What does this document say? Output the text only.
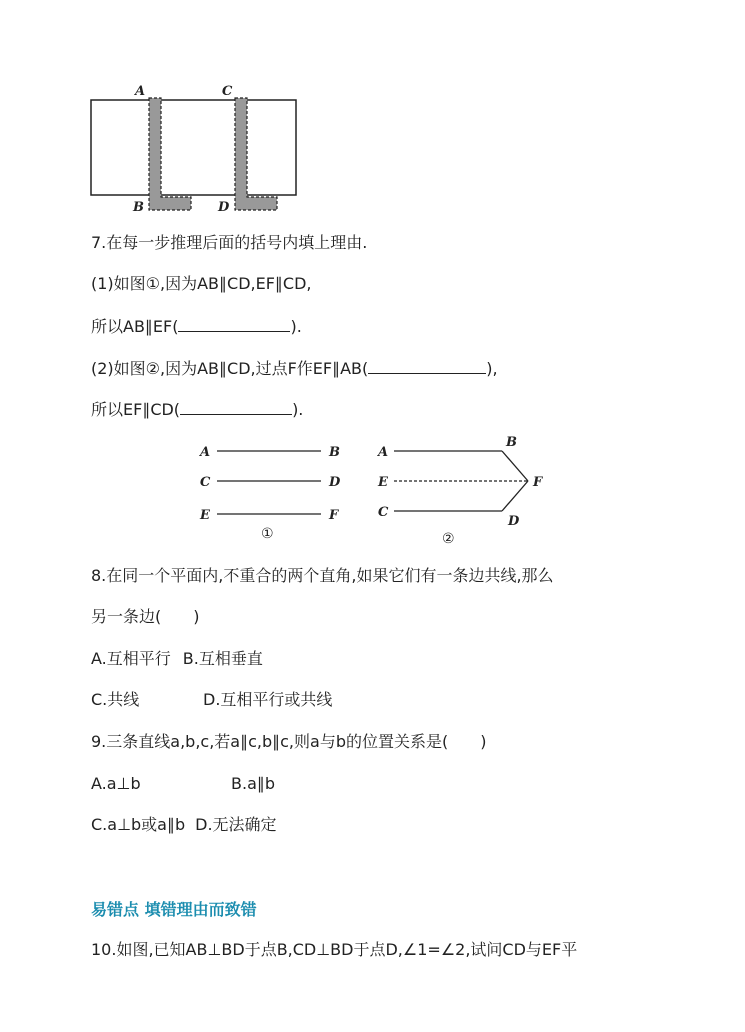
A	C
B	D
7.在每一步推理后面的括号内填上理由.
(1)如图①,因为AB∥CD,EF∥CD,
所以AB∥EF(	).
(2)如图②,因为AB∥CD,过点F作EF∥AB(	),
所以EF∥CD(	).
A	B
C	D
E	F
①
A
B
E	F
C
D
②
8.在同一个平面内,不重合的两个直角,如果它们有一条边共线,那么
另一条边(　　)
A.互相平行 B.互相垂直
C.共线	D.互相平行或共线
9.三条直线a,b,c,若a∥c,b∥c,则a与b的位置关系是(　　)
A.a⊥b	B.a∥b
C.a⊥b或a∥b D.无法确定
易错点 填错理由而致错
10.如图,已知AB⊥BD于点B,CD⊥BD于点D,∠1=∠2,试问CD与EF平
